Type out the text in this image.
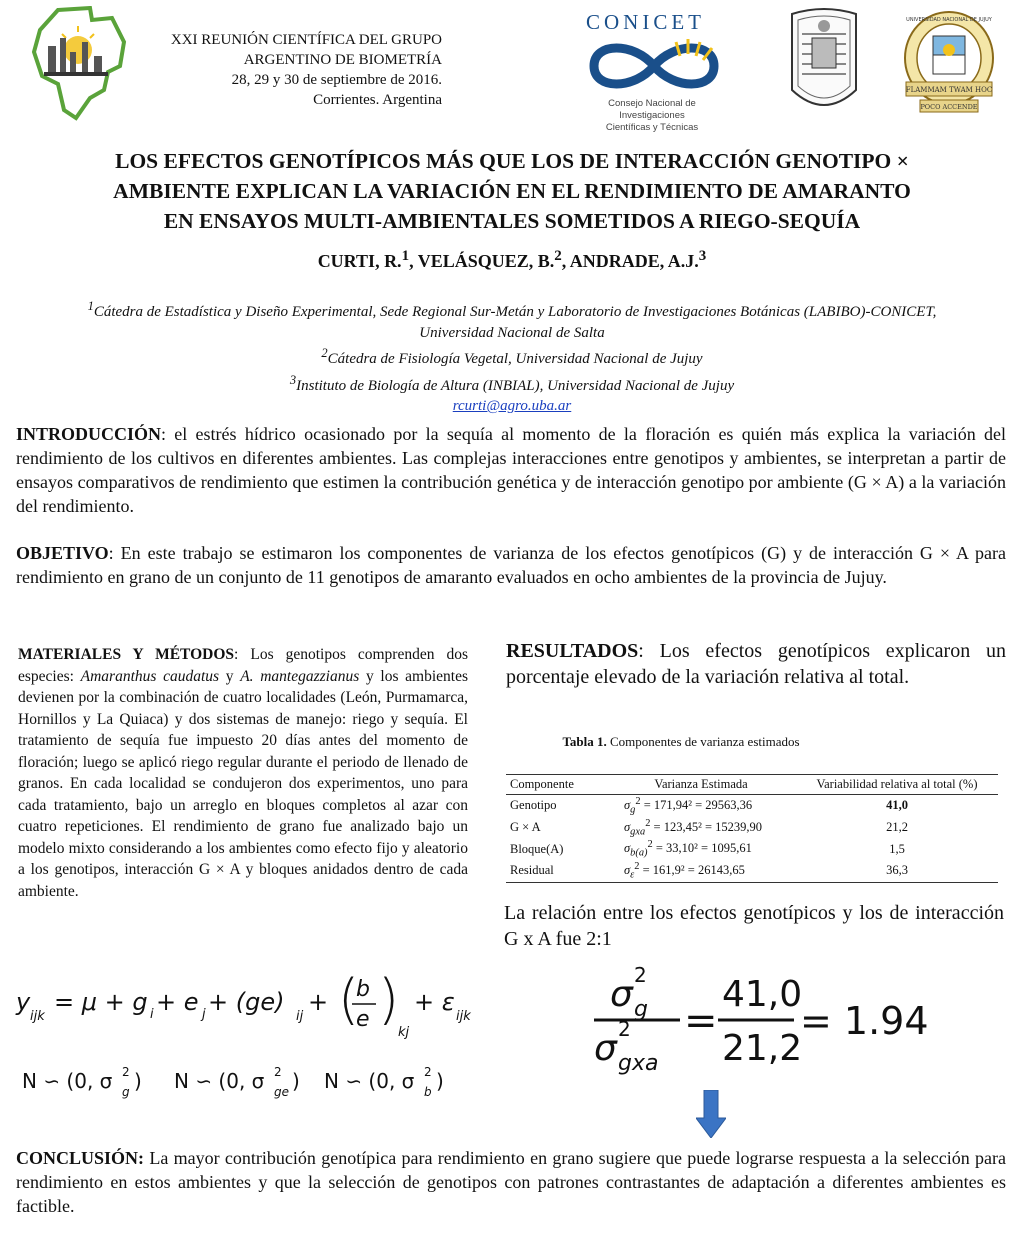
XXI REUNIÓN CIENTÍFICA DEL GRUPO
ARGENTINO DE BIOMETRÍA
28, 29 y 30 de septiembre de 2016.
Corrientes. Argentina
CONICET
Consejo Nacional de Investigaciones
Científicas y Técnicas
FLAMMAM TWAM HOC
POCO ACCENDE
UNIVERSIDAD NACIONAL DE JUJUY
LOS EFECTOS GENOTÍPICOS MÁS QUE LOS DE INTERACCIÓN GENOTIPO ×
AMBIENTE EXPLICAN LA VARIACIÓN EN EL RENDIMIENTO DE AMARANTO
EN ENSAYOS MULTI-AMBIENTALES SOMETIDOS A RIEGO-SEQUÍA
CURTI, R.$^1$, VELÁSQUEZ, B.$^2$, ANDRADE, A.J.$^3$
$^1$Cátedra de Estadística y Diseño Experimental, Sede Regional Sur-Metán y Laboratorio de Investigaciones Botánicas (LABIBO)-CONICET,
Universidad Nacional de Salta
$^2$Cátedra de Fisiología Vegetal, Universidad Nacional de Jujuy
$^3$Instituto de Biología de Altura (INBIAL), Universidad Nacional de Jujuy
rcurti@agro.uba.ar
INTRODUCCIÓN: el estrés hídrico ocasionado por la sequía al momento de la floración es quién más explica la variación del rendimiento de los cultivos en diferentes ambientes. Las complejas interacciones entre genotipos y ambientes, se interpretan a partir de ensayos comparativos de rendimiento que estimen la contribución genética y de interacción genotipo por ambiente (G × A) a la variación del rendimiento.
OBJETIVO: En este trabajo se estimaron los componentes de varianza de los efectos genotípicos (G) y de interacción G × A para rendimiento en grano de un conjunto de 11 genotipos de amaranto evaluados en ocho ambientes de la provincia de Jujuy.
MATERIALES Y MÉTODOS: Los genotipos comprenden dos especies: Amaranthus caudatus y A. mantegazzianus y los ambientes devienen por la combinación de cuatro localidades (León, Purmamarca, Hornillos y La Quiaca) y dos sistemas de manejo: riego y sequía. El tratamiento de sequía fue impuesto 20 días antes del momento de floración; luego se aplicó riego regular durante el periodo de llenado de granos. En cada localidad se condujeron dos experimentos, uno para cada tratamiento, bajo un arreglo en bloques completos al azar con cuatro repeticiones. El rendimiento de grano fue analizado bajo un modelo mixto considerando a los ambientes como efecto fijo y aleatorio a los genotipos, interacción G × A y bloques anidados dentro de cada ambiente.
RESULTADOS: Los efectos genotípicos explicaron un porcentaje elevado de la variación relativa al total.
Tabla 1. Componentes de varianza estimados
Componente	Varianza Estimada	Variabilidad relativa al total (%)
Genotipo	$\sigma_g^2 = 171,94^2 = 29563,36$	41,0
G × A	$\sigma_{gxa}^2 = 123,45^2 = 15239,90$	21,2
Bloque(A)	$\sigma_{b(a)}^2 = 33,10^2 = 1095,61$	1,5
Residual	$\sigma_\varepsilon^2 = 161,9^2 = 26143,65$	36,3
La relación entre los efectos genotípicos y los de interacción G x A fue 2:1
y
ijk
= μ + g i + e j + (ge)
ij
+ (
b
e )
kj
+ ε
ijk
N ∽ (0, σ g
2 ) N ∽ (0, σ ge
2 ) N ∽ (0, σ b
2 )
σ g
2
σ gxa
2 =
41,0
21,2
= 1.94
CONCLUSIÓN: La mayor contribución genotípica para rendimiento en grano sugiere que puede lograrse respuesta a la selección para rendimiento en estos ambientes y que la selección de genotipos con patrones contrastantes de adaptación a diferentes ambientes es factible.
